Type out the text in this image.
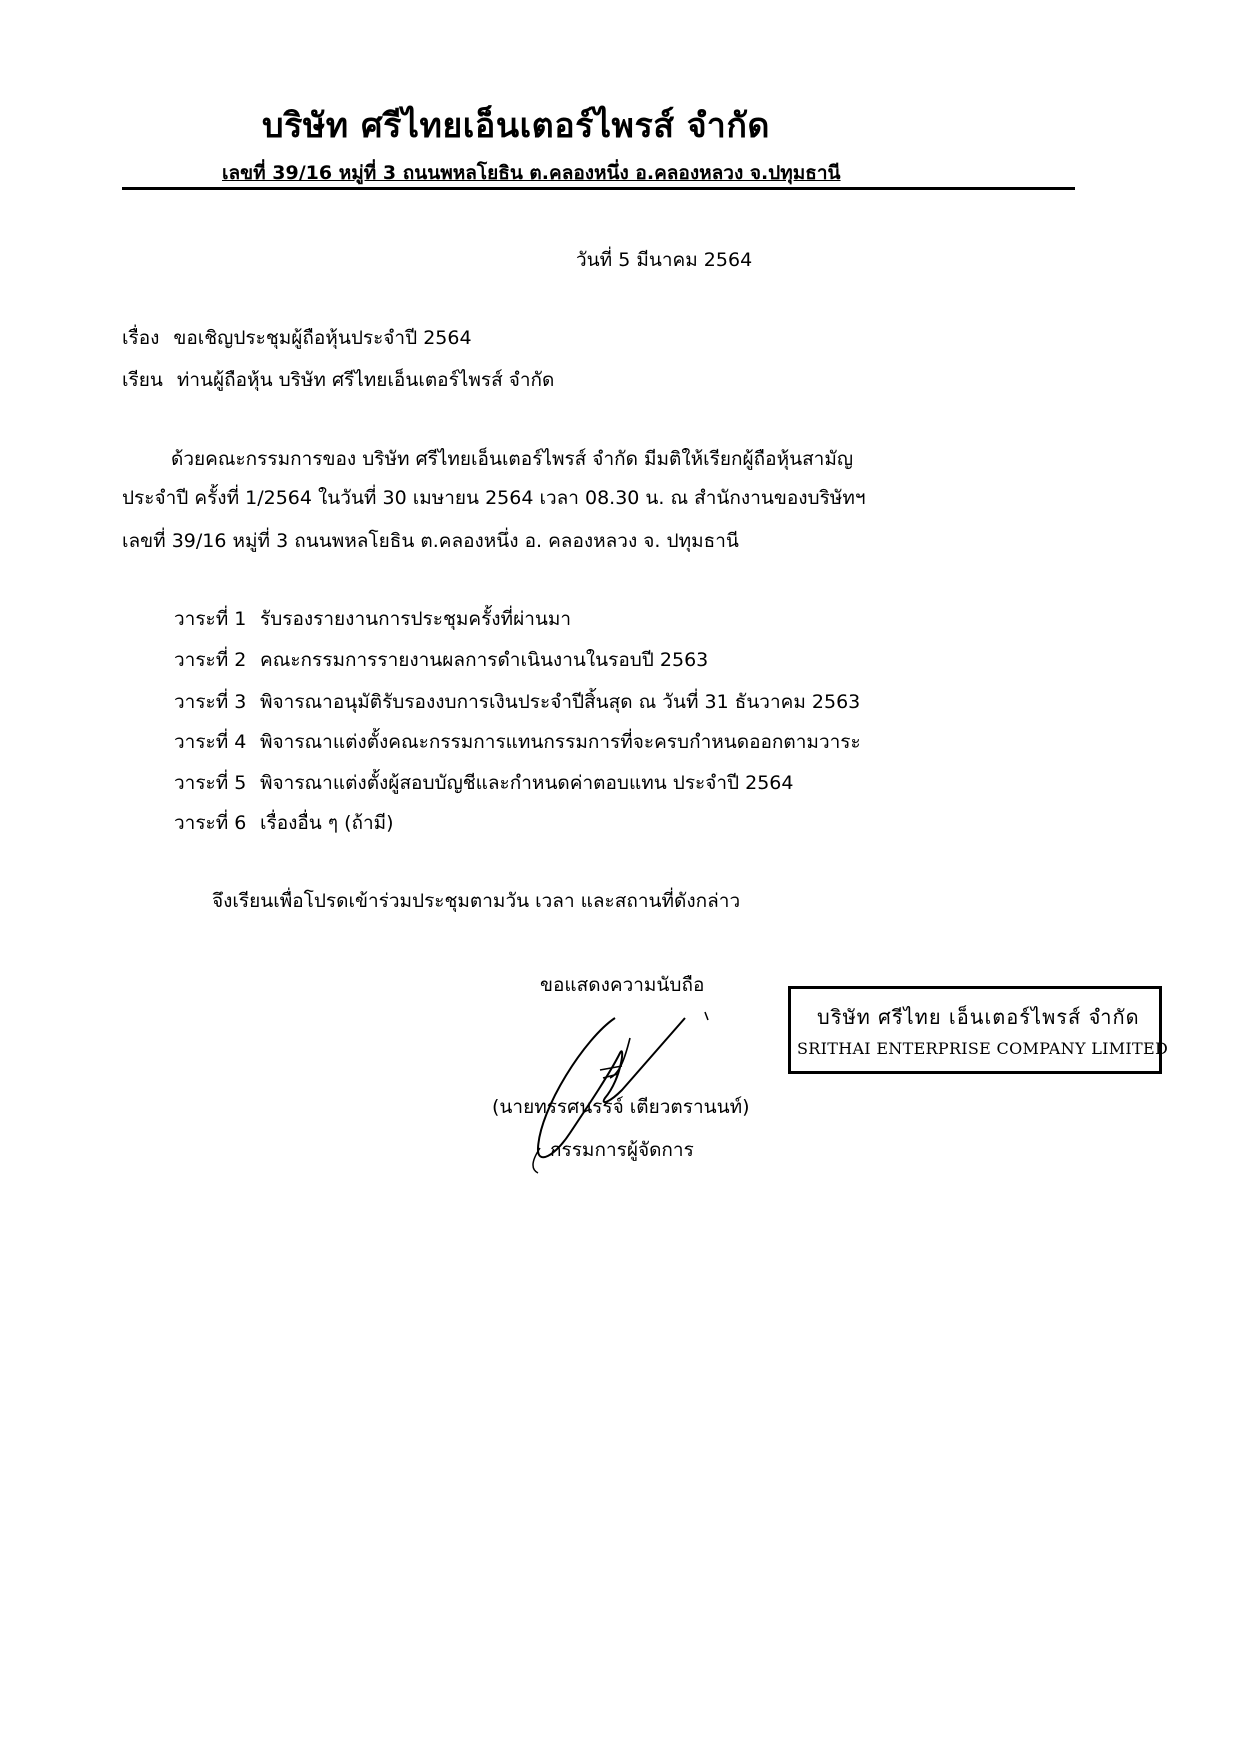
บริษัท ศรีไทยเอ็นเตอร์ไพรส์ จำกัด
เลขที่ 39/16 หมู่ที่ 3 ถนนพหลโยธิน ต.คลองหนึ่ง อ.คลองหลวง จ.ปทุมธานี
วันที่ 5 มีนาคม 2564
เรื่อง ขอเชิญประชุมผู้ถือหุ้นประจำปี 2564
เรียน ท่านผู้ถือหุ้น บริษัท ศรีไทยเอ็นเตอร์ไพรส์ จำกัด
ด้วยคณะกรรมการของ บริษัท ศรีไทยเอ็นเตอร์ไพรส์ จำกัด มีมติให้เรียกผู้ถือหุ้นสามัญ
ประจำปี ครั้งที่ 1/2564 ในวันที่ 30 เมษายน 2564 เวลา 08.30 น. ณ สำนักงานของบริษัทฯ
เลขที่ 39/16 หมู่ที่ 3 ถนนพหลโยธิน ต.คลองหนึ่ง อ. คลองหลวง จ. ปทุมธานี
วาระที่ 1 รับรองรายงานการประชุมครั้งที่ผ่านมา
วาระที่ 2 คณะกรรมการรายงานผลการดำเนินงานในรอบปี 2563
วาระที่ 3 พิจารณาอนุมัติรับรองงบการเงินประจำปีสิ้นสุด ณ วันที่ 31 ธันวาคม 2563
วาระที่ 4 พิจารณาแต่งตั้งคณะกรรมการแทนกรรมการที่จะครบกำหนดออกตามวาระ
วาระที่ 5 พิจารณาแต่งตั้งผู้สอบบัญชีและกำหนดค่าตอบแทน ประจำปี 2564
วาระที่ 6 เรื่องอื่น ๆ (ถ้ามี)
จึงเรียนเพื่อโปรดเข้าร่วมประชุมตามวัน เวลา และสถานที่ดังกล่าว
ขอแสดงความนับถือ
(นายทรรศนรรจ์ เตียวตรานนท์)
กรรมการผู้จัดการ
บริษัท ศรีไทย เอ็นเตอร์ไพรส์ จำกัด
SRITHAI ENTERPRISE COMPANY LIMITED
